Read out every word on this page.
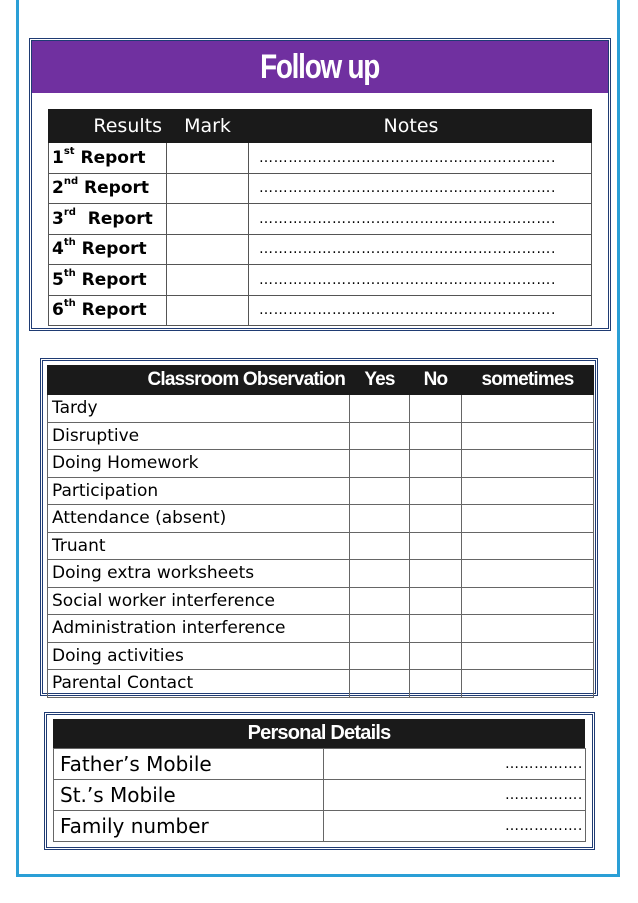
Follow up
Results	Mark	Notes
1st Report		…………………………………………………….
2nd Report		…………………………………………………….
3rd  Report		…………………………………………………….
4th Report		…………………………………………………….
5th Report		…………………………………………………….
6th Report		…………………………………………………….
Classroom Observation	Yes	No	sometimes
Tardy			
Disruptive			
Doing Homework			
Participation			
Attendance (absent)			
Truant			
Doing extra worksheets			
Social worker interference			
Administration interference			
Doing activities			
Parental Contact			
Personal Details
Father’s Mobile	…………….
St.’s Mobile	…………….
Family number	…………….
